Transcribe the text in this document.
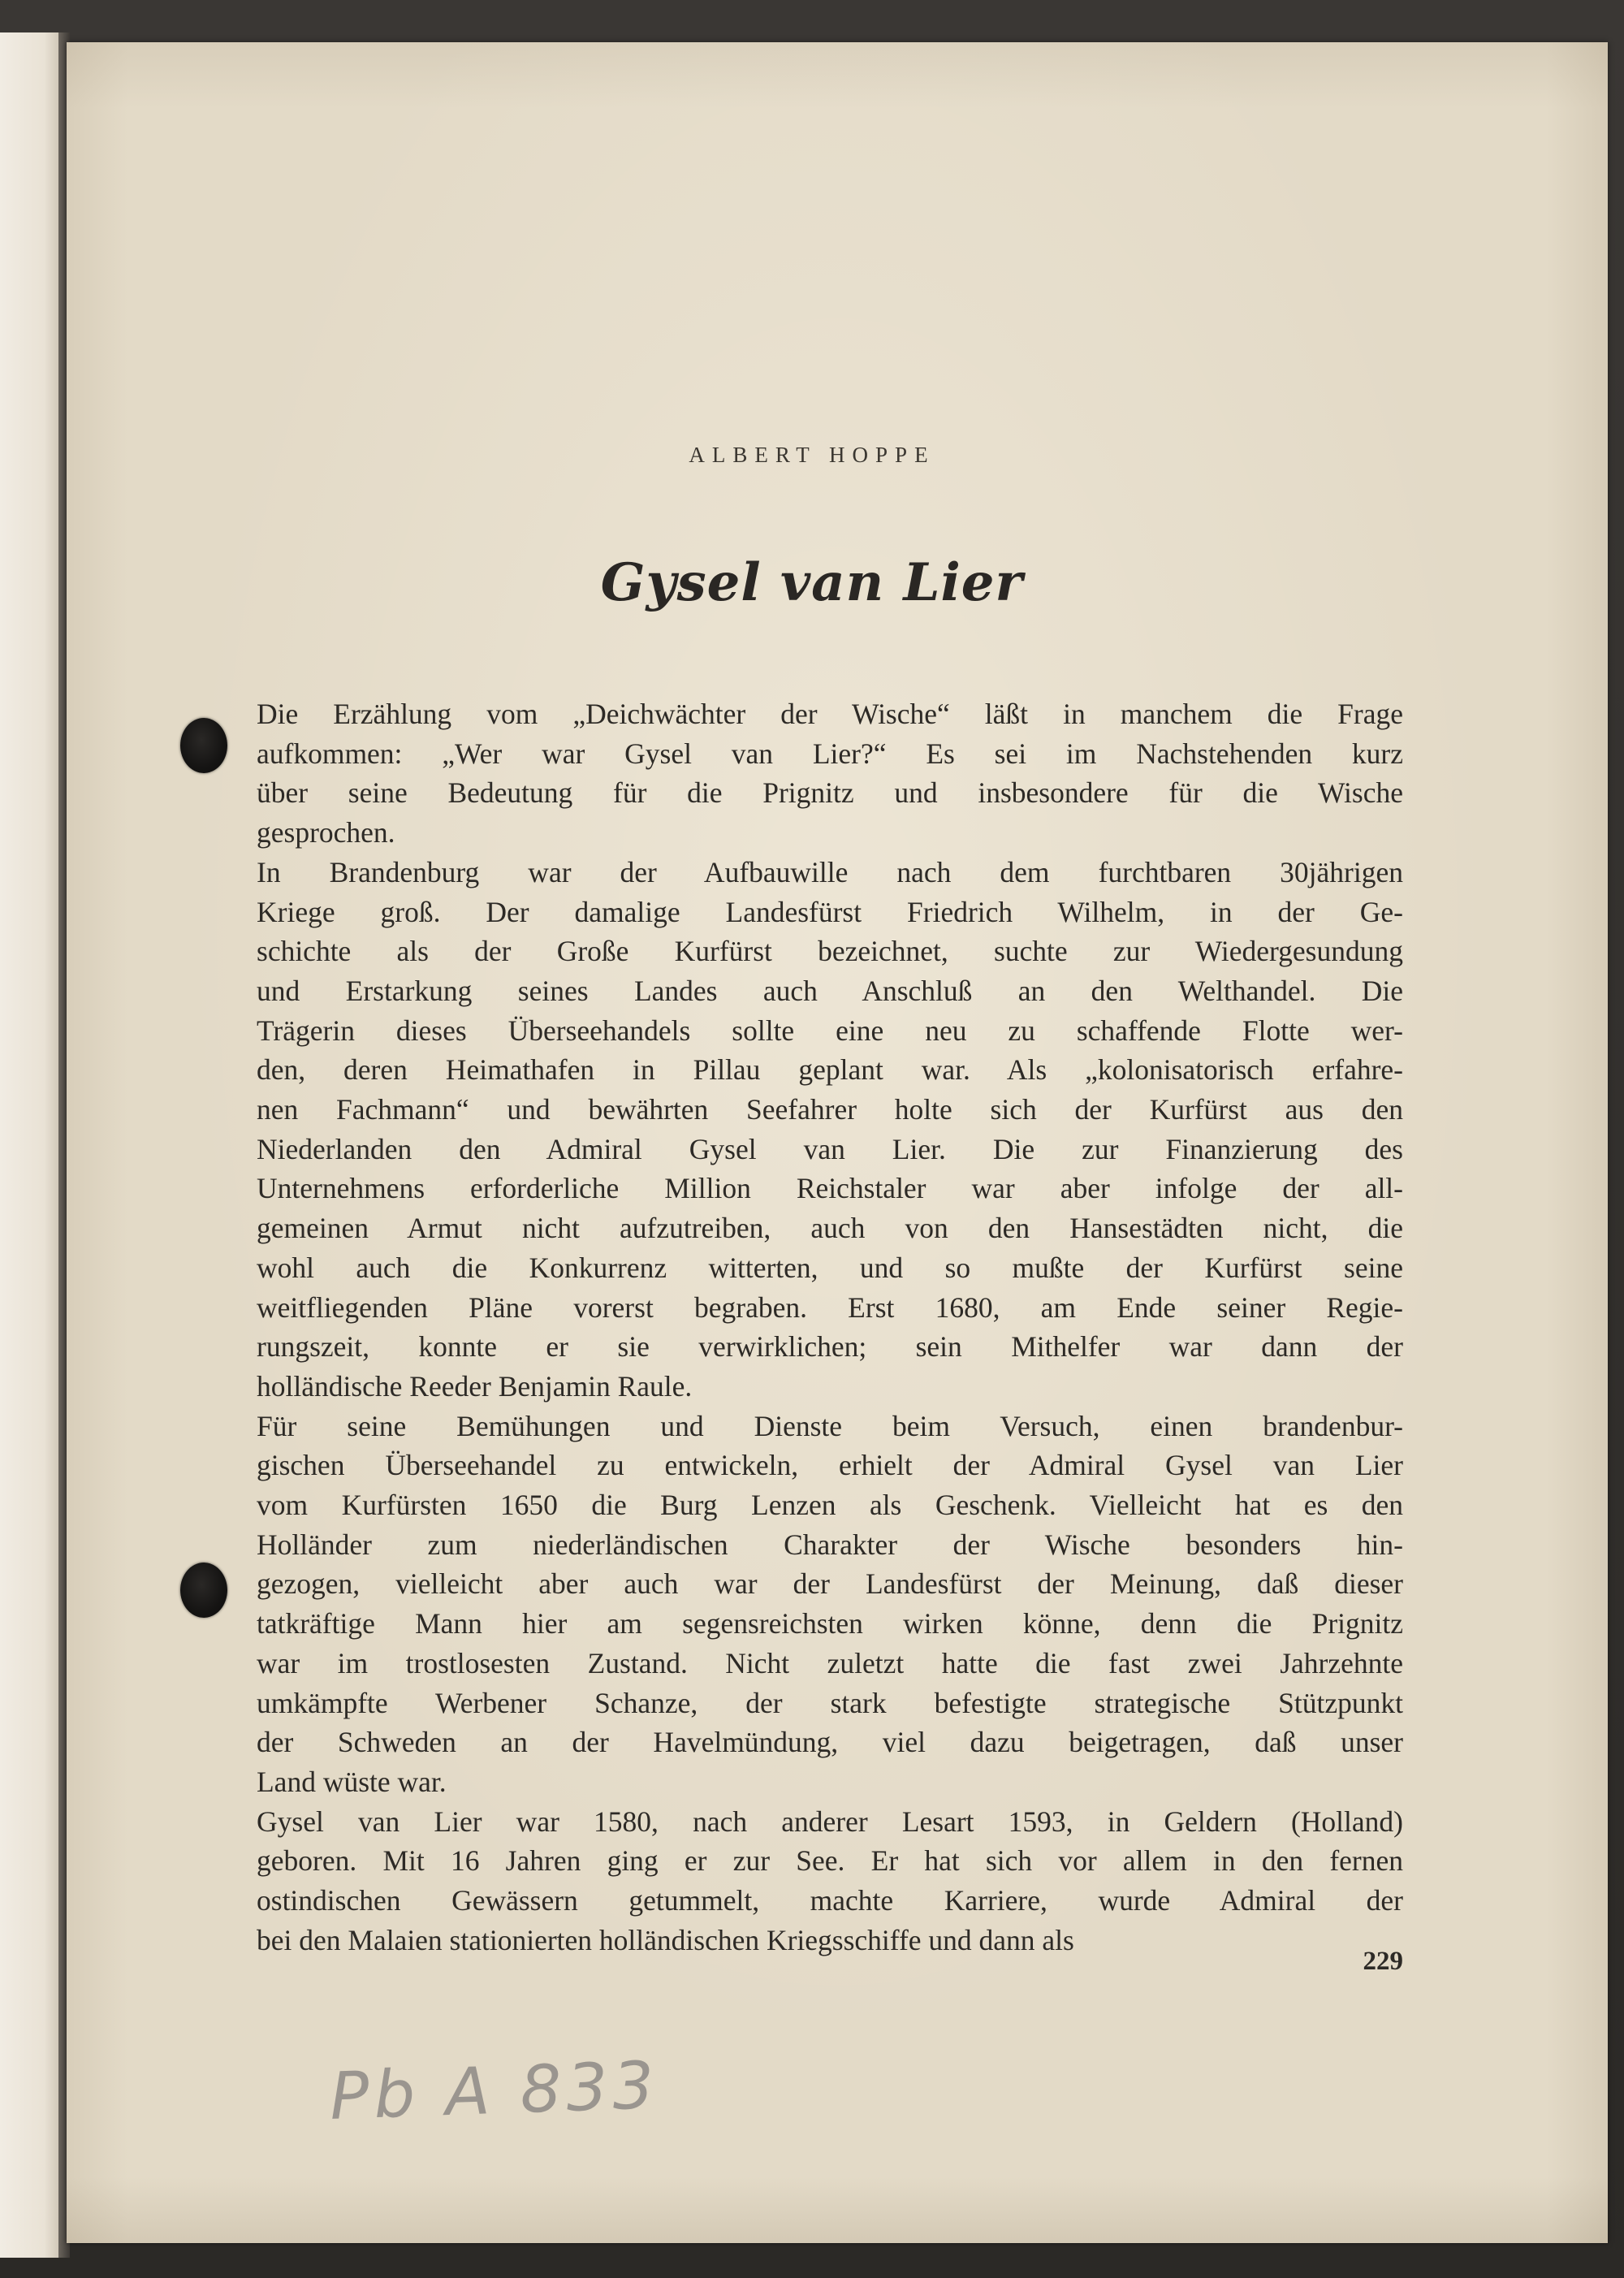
ALBERT HOPPE
Gysel van Lier

Die Erzählung vom „Deichwächter der Wische“ läßt in manchem die Frage
aufkommen: „Wer war Gysel van Lier?“ Es sei im Nachstehenden kurz
über seine Bedeutung für die Prignitz und insbesondere für die Wische
gesprochen.

In Brandenburg war der Aufbauwille nach dem furchtbaren 30jährigen
Kriege groß. Der damalige Landesfürst Friedrich Wilhelm, in der Ge-
schichte als der Große Kurfürst bezeichnet, suchte zur Wiedergesundung
und Erstarkung seines Landes auch Anschluß an den Welthandel. Die
Trägerin dieses Überseehandels sollte eine neu zu schaffende Flotte wer-
den, deren Heimathafen in Pillau geplant war. Als „kolonisatorisch erfahre-
nen Fachmann“ und bewährten Seefahrer holte sich der Kurfürst aus den
Niederlanden den Admiral Gysel van Lier. Die zur Finanzierung des
Unternehmens erforderliche Million Reichstaler war aber infolge der all-
gemeinen Armut nicht aufzutreiben, auch von den Hansestädten nicht, die
wohl auch die Konkurrenz witterten, und so mußte der Kurfürst seine
weitfliegenden Pläne vorerst begraben. Erst 1680, am Ende seiner Regie-
rungszeit, konnte er sie verwirklichen; sein Mithelfer war dann der
holländische Reeder Benjamin Raule.

Für seine Bemühungen und Dienste beim Versuch, einen brandenbur-
gischen Überseehandel zu entwickeln, erhielt der Admiral Gysel van Lier
vom Kurfürsten 1650 die Burg Lenzen als Geschenk. Vielleicht hat es den
Holländer zum niederländischen Charakter der Wische besonders hin-
gezogen, vielleicht aber auch war der Landesfürst der Meinung, daß dieser
tatkräftige Mann hier am segensreichsten wirken könne, denn die Prignitz
war im trostlosesten Zustand. Nicht zuletzt hatte die fast zwei Jahrzehnte
umkämpfte Werbener Schanze, der stark befestigte strategische Stützpunkt
der Schweden an der Havelmündung, viel dazu beigetragen, daß unser
Land wüste war.

Gysel van Lier war 1580, nach anderer Lesart 1593, in Geldern (Holland)
geboren. Mit 16 Jahren ging er zur See. Er hat sich vor allem in den fernen
ostindischen Gewässern getummelt, machte Karriere, wurde Admiral der
bei den Malaien stationierten holländischen Kriegsschiffe und dann als

229
Pb A 833
